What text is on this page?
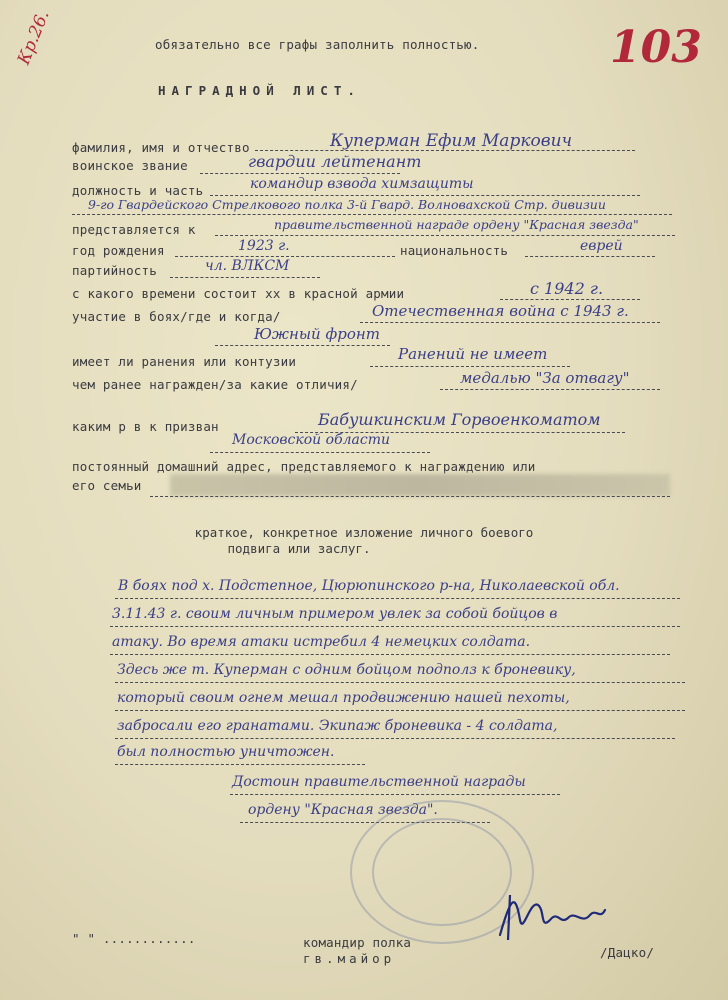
Кр.26.	103
обязательно все графы заполнить полностью.
НАГРАДНОЙ ЛИСТ.
фамилия, имя и отчество	Куперман Ефим Маркович
воинское звание	гвардии лейтенант
должность и часть	командир взвода химзащиты
9-го Гвардейского Стрелкового полка 3-й Гвард. Волновахской Стр. дивизии
представляется к	правительственной награде ордену "Красная звезда"
год рождения	1923 г.	национальность	еврей
партийность	чл. ВЛКСМ
с какого времени состоит хх в красной армии	с 1942 г.
участие в боях/где и когда/	Отечественная война с 1943 г.
Южный фронт
имеет ли ранения или контузии	Ранений не имеет
чем ранее награжден/за какие отличия/	медалью "За отвагу"
каким р в к призван	Бабушкинским Горвоенкоматом
Московской области
постоянный домашний адрес, представляемого к награждению или
его семьи
краткое, конкретное изложение личного боевого
подвига или заслуг.
В боях под х. Подстепное, Цюрюпинского р-на, Николаевской обл.
3.11.43 г. своим личным примером увлек за собой бойцов в
атаку. Во время атаки истребил 4 немецких солдата.
Здесь же т. Куперман с одним бойцом подполз к броневику,
который своим огнем мешал продвижению нашей пехоты,
забросали его гранатами. Экипаж броневика - 4 солдата,
был полностью уничтожен.
Достоин правительственной награды
ордену "Красная звезда".
" " ............	командир полка
гв.майор	/Дацко/
